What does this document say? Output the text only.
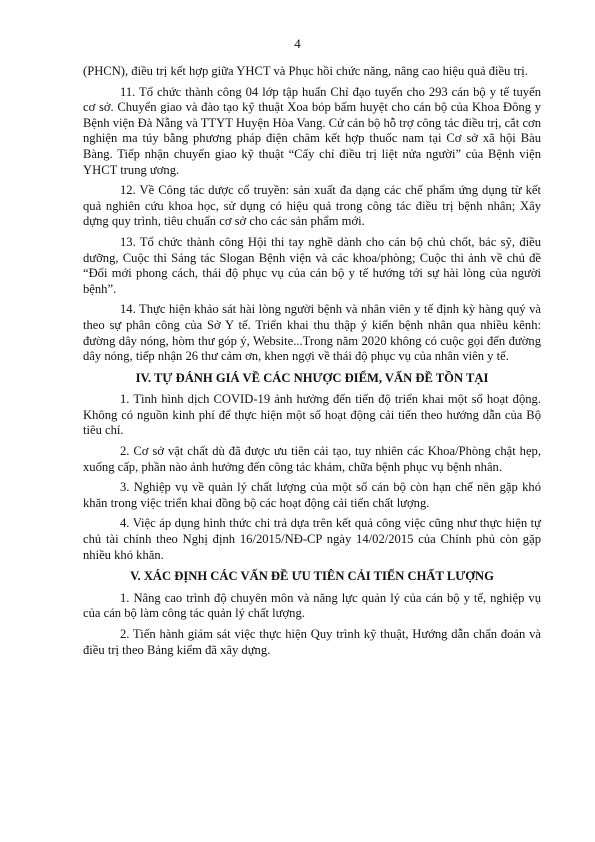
4

(PHCN), điều trị kết hợp giữa YHCT và Phục hồi chức năng, nâng cao hiệu quả điều trị.

11. Tổ chức thành công 04 lớp tập huấn Chỉ đạo tuyến cho 293 cán bộ y tế tuyến cơ sở. Chuyển giao và đào tạo kỹ thuật Xoa bóp bấm huyệt cho cán bộ của Khoa Đông y Bệnh viện Đà Nẵng và TTYT Huyện Hòa Vang. Cử cán bộ hỗ trợ công tác điều trị, cắt cơn nghiện ma túy bằng phương pháp điện châm kết hợp thuốc nam tại Cơ sở xã hội Bàu Bàng. Tiếp nhận chuyển giao kỹ thuật “Cấy chỉ điều trị liệt nửa người” của Bệnh viện YHCT trung ương.

12. Về Công tác dược cổ truyền: sản xuất đa dạng các chế phẩm ứng dụng từ kết quả nghiên cứu khoa học, sử dụng có hiệu quả trong công tác điều trị bệnh nhân; Xây dựng quy trình, tiêu chuẩn cơ sở cho các sản phẩm mới.

13. Tổ chức thành công Hội thi tay nghề dành cho cán bộ chủ chốt, bác sỹ, điều dưỡng, Cuộc thi Sáng tác Slogan Bệnh viện và các khoa/phòng; Cuộc thi ảnh về chủ đề “Đổi mới phong cách, thái độ phục vụ của cán bộ y tế hướng tới sự hài lòng của người bệnh”.

14. Thực hiện khảo sát hài lòng người bệnh và nhân viên y tế định kỳ hàng quý và theo sự phân công của Sở Y tế. Triển khai thu thập ý kiến bệnh nhân qua nhiều kênh: đường dây nóng, hòm thư góp ý, Website...Trong năm 2020 không có cuộc gọi đến đường dây nóng, tiếp nhận 26 thư cảm ơn, khen ngợi về thái độ phục vụ của nhân viên y tế.

IV. TỰ ĐÁNH GIÁ VỀ CÁC NHƯỢC ĐIỂM, VẤN ĐỀ TỒN TẠI

1. Tình hình dịch COVID-19 ảnh hưởng đến tiến độ triển khai một số hoạt động. Không có nguồn kinh phí để thực hiện một số hoạt động cải tiến theo hướng dẫn của Bộ tiêu chí.

2. Cơ sở vật chất dù đã được ưu tiên cải tạo, tuy nhiên các Khoa/Phòng chật hẹp, xuống cấp, phần nào ảnh hưởng đến công tác khám, chữa bệnh phục vụ bệnh nhân.

3. Nghiệp vụ về quản lý chất lượng của một số cán bộ còn hạn chế nên gặp khó khăn trong việc triển khai đồng bộ các hoạt động cải tiến chất lượng.

4. Việc áp dụng hình thức chi trả dựa trên kết quả công việc cũng như thực hiện tự chủ tài chính theo Nghị định 16/2015/NĐ-CP ngày 14/02/2015 của Chính phủ còn gặp nhiều khó khăn.

V. XÁC ĐỊNH CÁC VẤN ĐỀ ƯU TIÊN CẢI TIẾN CHẤT LƯỢNG

1. Nâng cao trình độ chuyên môn và năng lực quản lý của cán bộ y tế, nghiệp vụ của cán bộ làm công tác quản lý chất lượng.

2. Tiến hành giám sát việc thực hiện Quy trình kỹ thuật, Hướng dẫn chẩn đoán và điều trị theo Bảng kiểm đã xây dựng.
